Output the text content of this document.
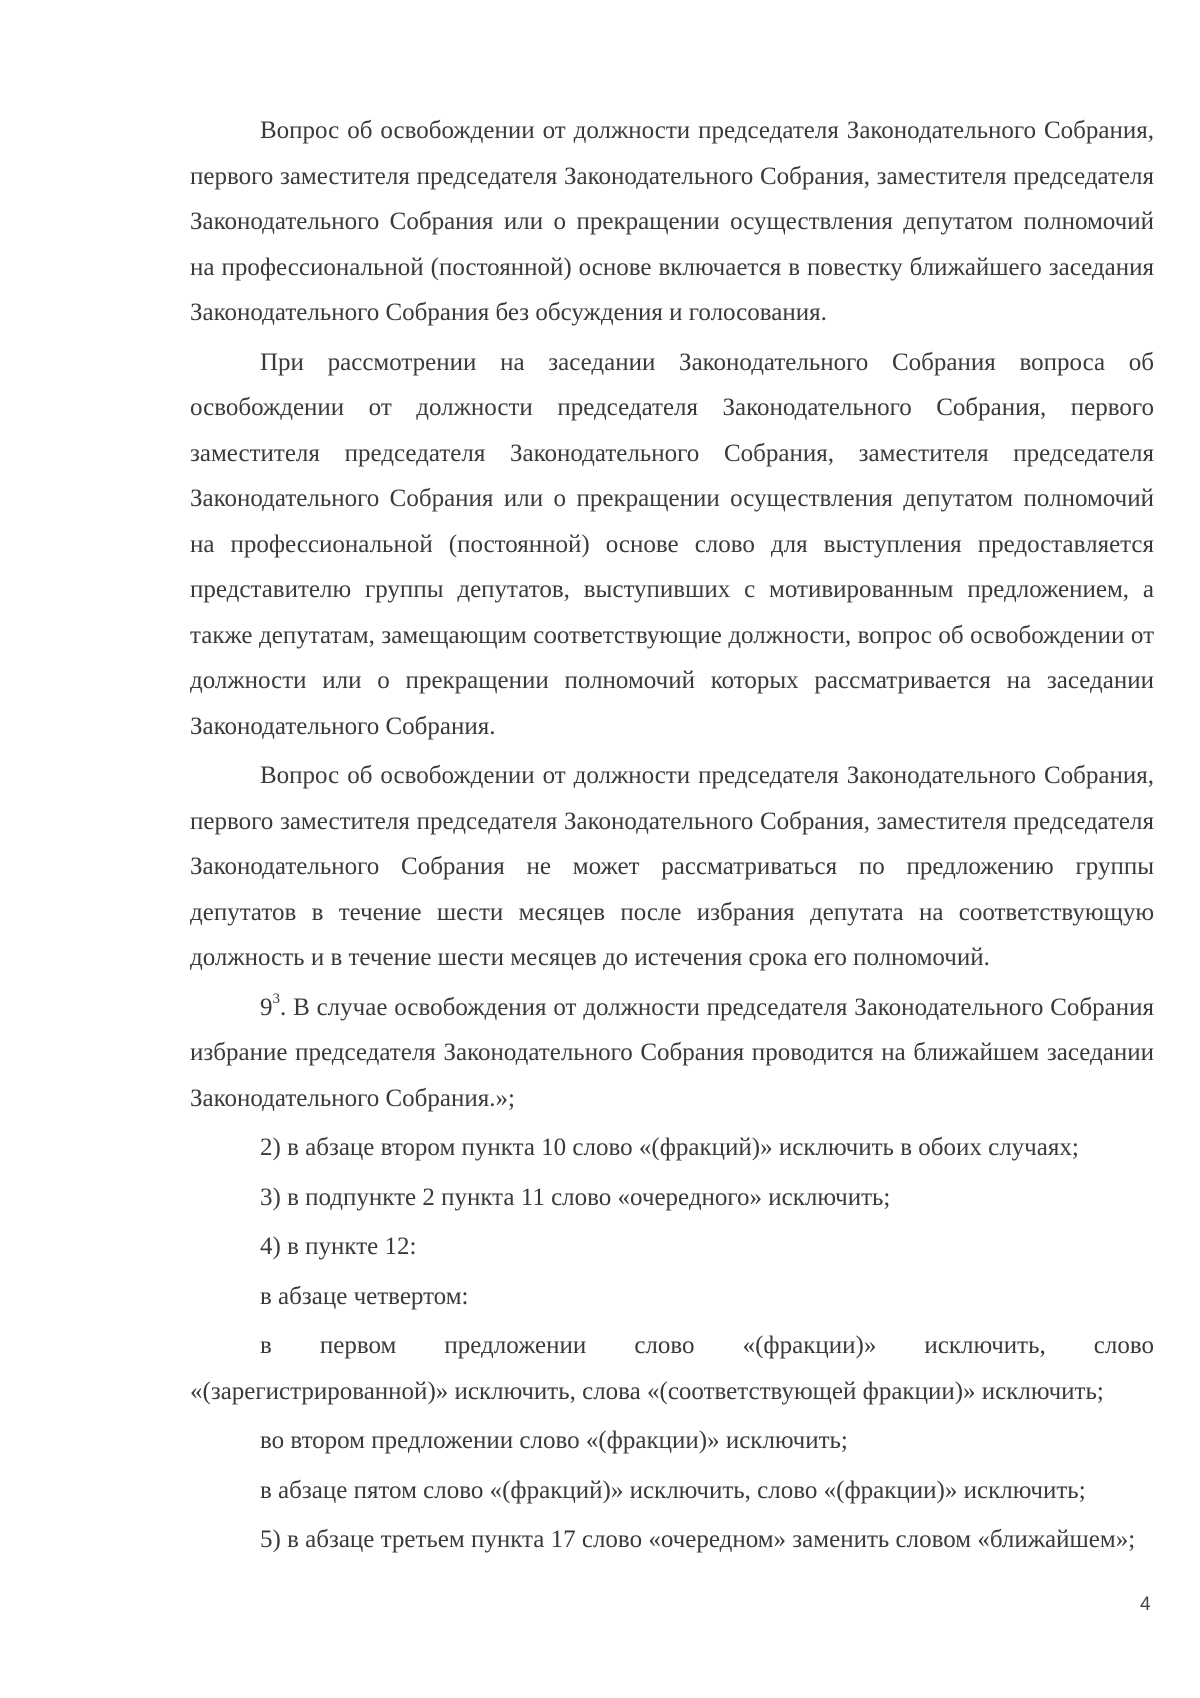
Вопрос об освобождении от должности председателя Законодательного Собрания, первого заместителя председателя Законодательного Собрания, заместителя председателя Законодательного Собрания или о прекращении осуществления депутатом полномочий на профессиональной (постоянной) основе включается в повестку ближайшего заседания Законодательного Собрания без обсуждения и голосования.

При рассмотрении на заседании Законодательного Собрания вопроса об освобождении от должности председателя Законодательного Собрания, первого заместителя председателя Законодательного Собрания, заместителя председателя Законодательного Собрания или о прекращении осуществления депутатом полномочий на профессиональной (постоянной) основе слово для выступления предоставляется представителю группы депутатов, выступивших с мотивированным предложением, а также депутатам, замещающим соответствующие должности, вопрос об освобождении от должности или о прекращении полномочий которых рассматривается на заседании Законодательного Собрания.

Вопрос об освобождении от должности председателя Законодательного Собрания, первого заместителя председателя Законодательного Собрания, заместителя председателя Законодательного Собрания не может рассматриваться по предложению группы депутатов в течение шести месяцев после избрания депутата на соответствующую должность и в течение шести месяцев до истечения срока его полномочий.

$9^3$. В случае освобождения от должности председателя Законодательного Собрания избрание председателя Законодательного Собрания проводится на ближайшем заседании Законодательного Собрания.»;

2) в абзаце втором пункта 10 слово «(фракций)» исключить в обоих случаях;

3) в подпункте 2 пункта 11 слово «очередного» исключить;

4) в пункте 12:

в абзаце четвертом:

в первом предложении слово «(фракции)» исключить, слово «(зарегистрированной)» исключить, слова «(соответствующей фракции)» исключить;

во втором предложении слово «(фракции)» исключить;

в абзаце пятом слово «(фракций)» исключить, слово «(фракции)» исключить;

5) в абзаце третьем пункта 17 слово «очередном» заменить словом «ближайшем»;

4
